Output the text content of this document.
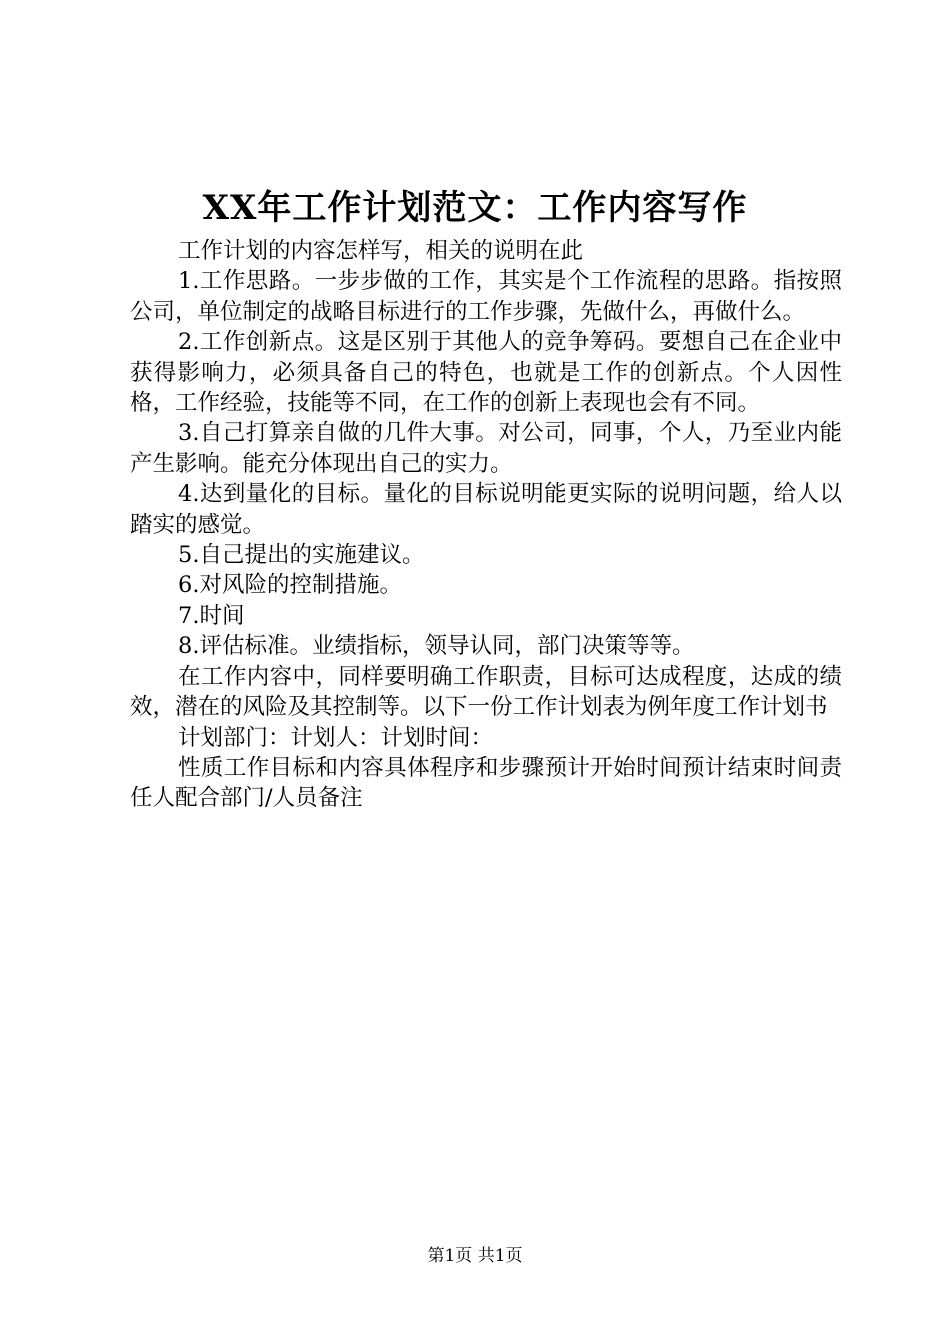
XX年工作计划范文：工作内容写作

工作计划的内容怎样写，相关的说明在此

1.工作思路。一步步做的工作，其实是个工作流程的思路。指按照公司，单位制定的战略目标进行的工作步骤，先做什么，再做什么。

2.工作创新点。这是区别于其他人的竞争筹码。要想自己在企业中获得影响力，必须具备自己的特色，也就是工作的创新点。个人因性格，工作经验，技能等不同，在工作的创新上表现也会有不同。

3.自己打算亲自做的几件大事。对公司，同事，个人，乃至业内能产生影响。能充分体现出自己的实力。

4.达到量化的目标。量化的目标说明能更实际的说明问题，给人以踏实的感觉。

5.自己提出的实施建议。

6.对风险的控制措施。

7.时间

8.评估标准。业绩指标，领导认同，部门决策等等。

在工作内容中，同样要明确工作职责，目标可达成程度，达成的绩效，潜在的风险及其控制等。以下一份工作计划表为例年度工作计划书

计划部门：计划人：计划时间：

性质工作目标和内容具体程序和步骤预计开始时间预计结束时间责任人配合部门/人员备注

第1页 共1页
